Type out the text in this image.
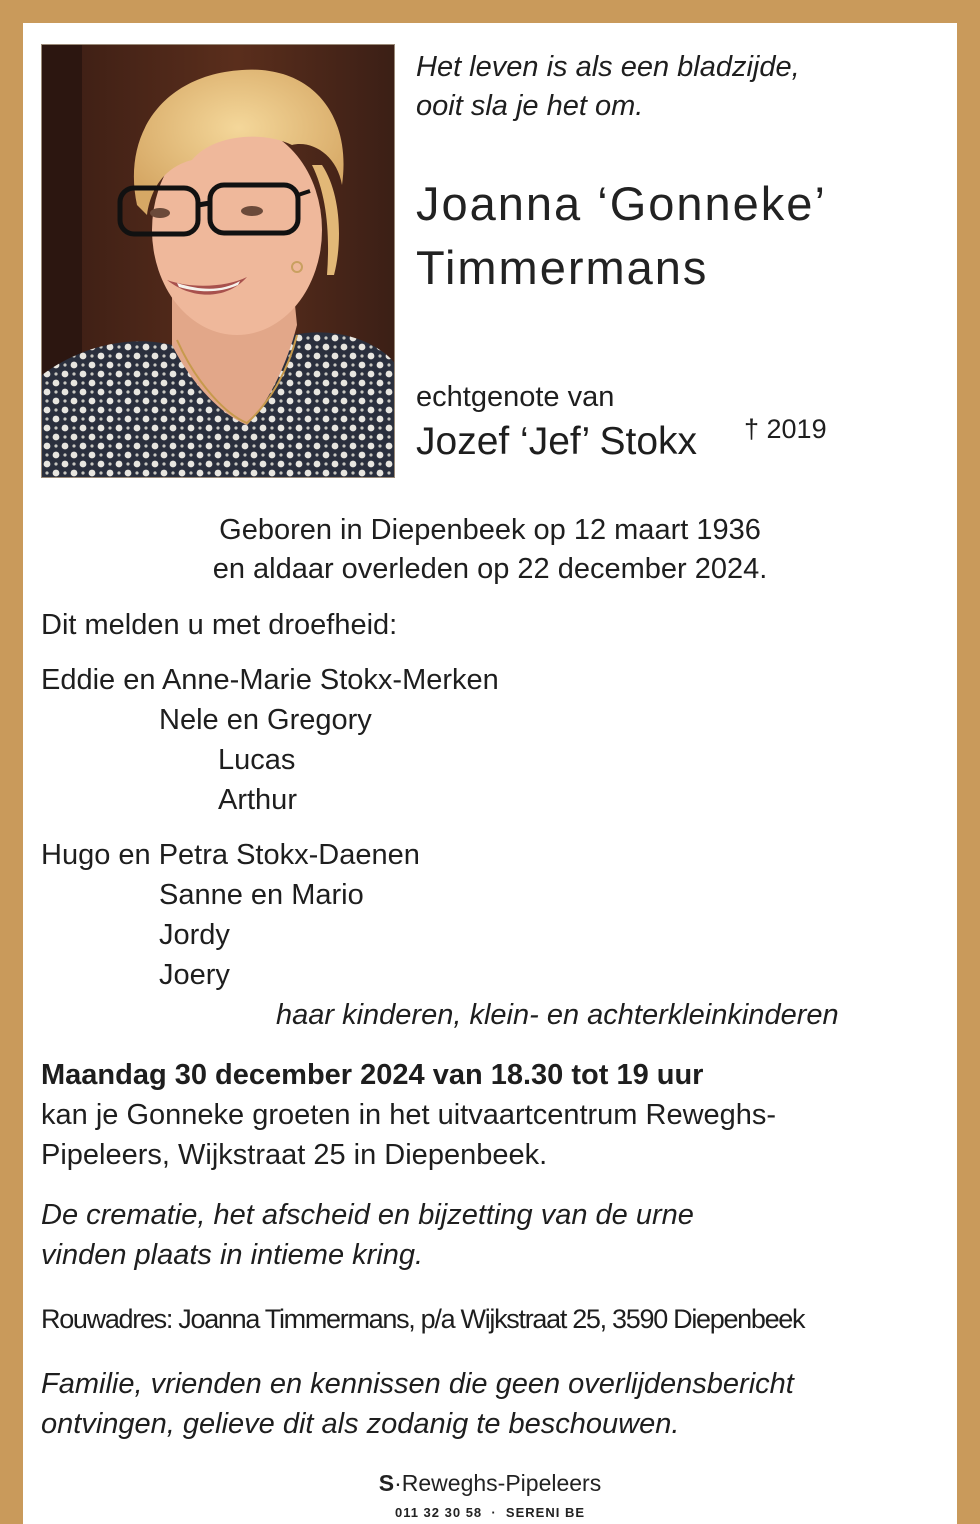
Het leven is als een bladzijde,
ooit sla je het om.
Joanna ‘Gonneke’
Timmermans
echtgenote van
Jozef ‘Jef’ Stokx † 2019
Geboren in Diepenbeek op 12 maart 1936
en aldaar overleden op 22 december 2024.
Dit melden u met droefheid:
Eddie en Anne-Marie Stokx-Merken
Nele en Gregory
Lucas
Arthur
Hugo en Petra Stokx-Daenen
Sanne en Mario
Jordy
Joery
haar kinderen, klein- en achterkleinkinderen
Maandag 30 december 2024 van 18.30 tot 19 uur
kan je Gonneke groeten in het uitvaartcentrum Reweghs-
Pipeleers, Wijkstraat 25 in Diepenbeek.
De crematie, het afscheid en bijzetting van de urne
vinden plaats in intieme kring.
Rouwadres: Joanna Timmermans, p/a Wijkstraat 25, 3590 Diepenbeek
Familie, vrienden en kennissen die geen overlijdensbericht
ontvingen, gelieve dit als zodanig te beschouwen.
S·Reweghs-Pipeleers
011 32 30 58  ·  SERENI BE
